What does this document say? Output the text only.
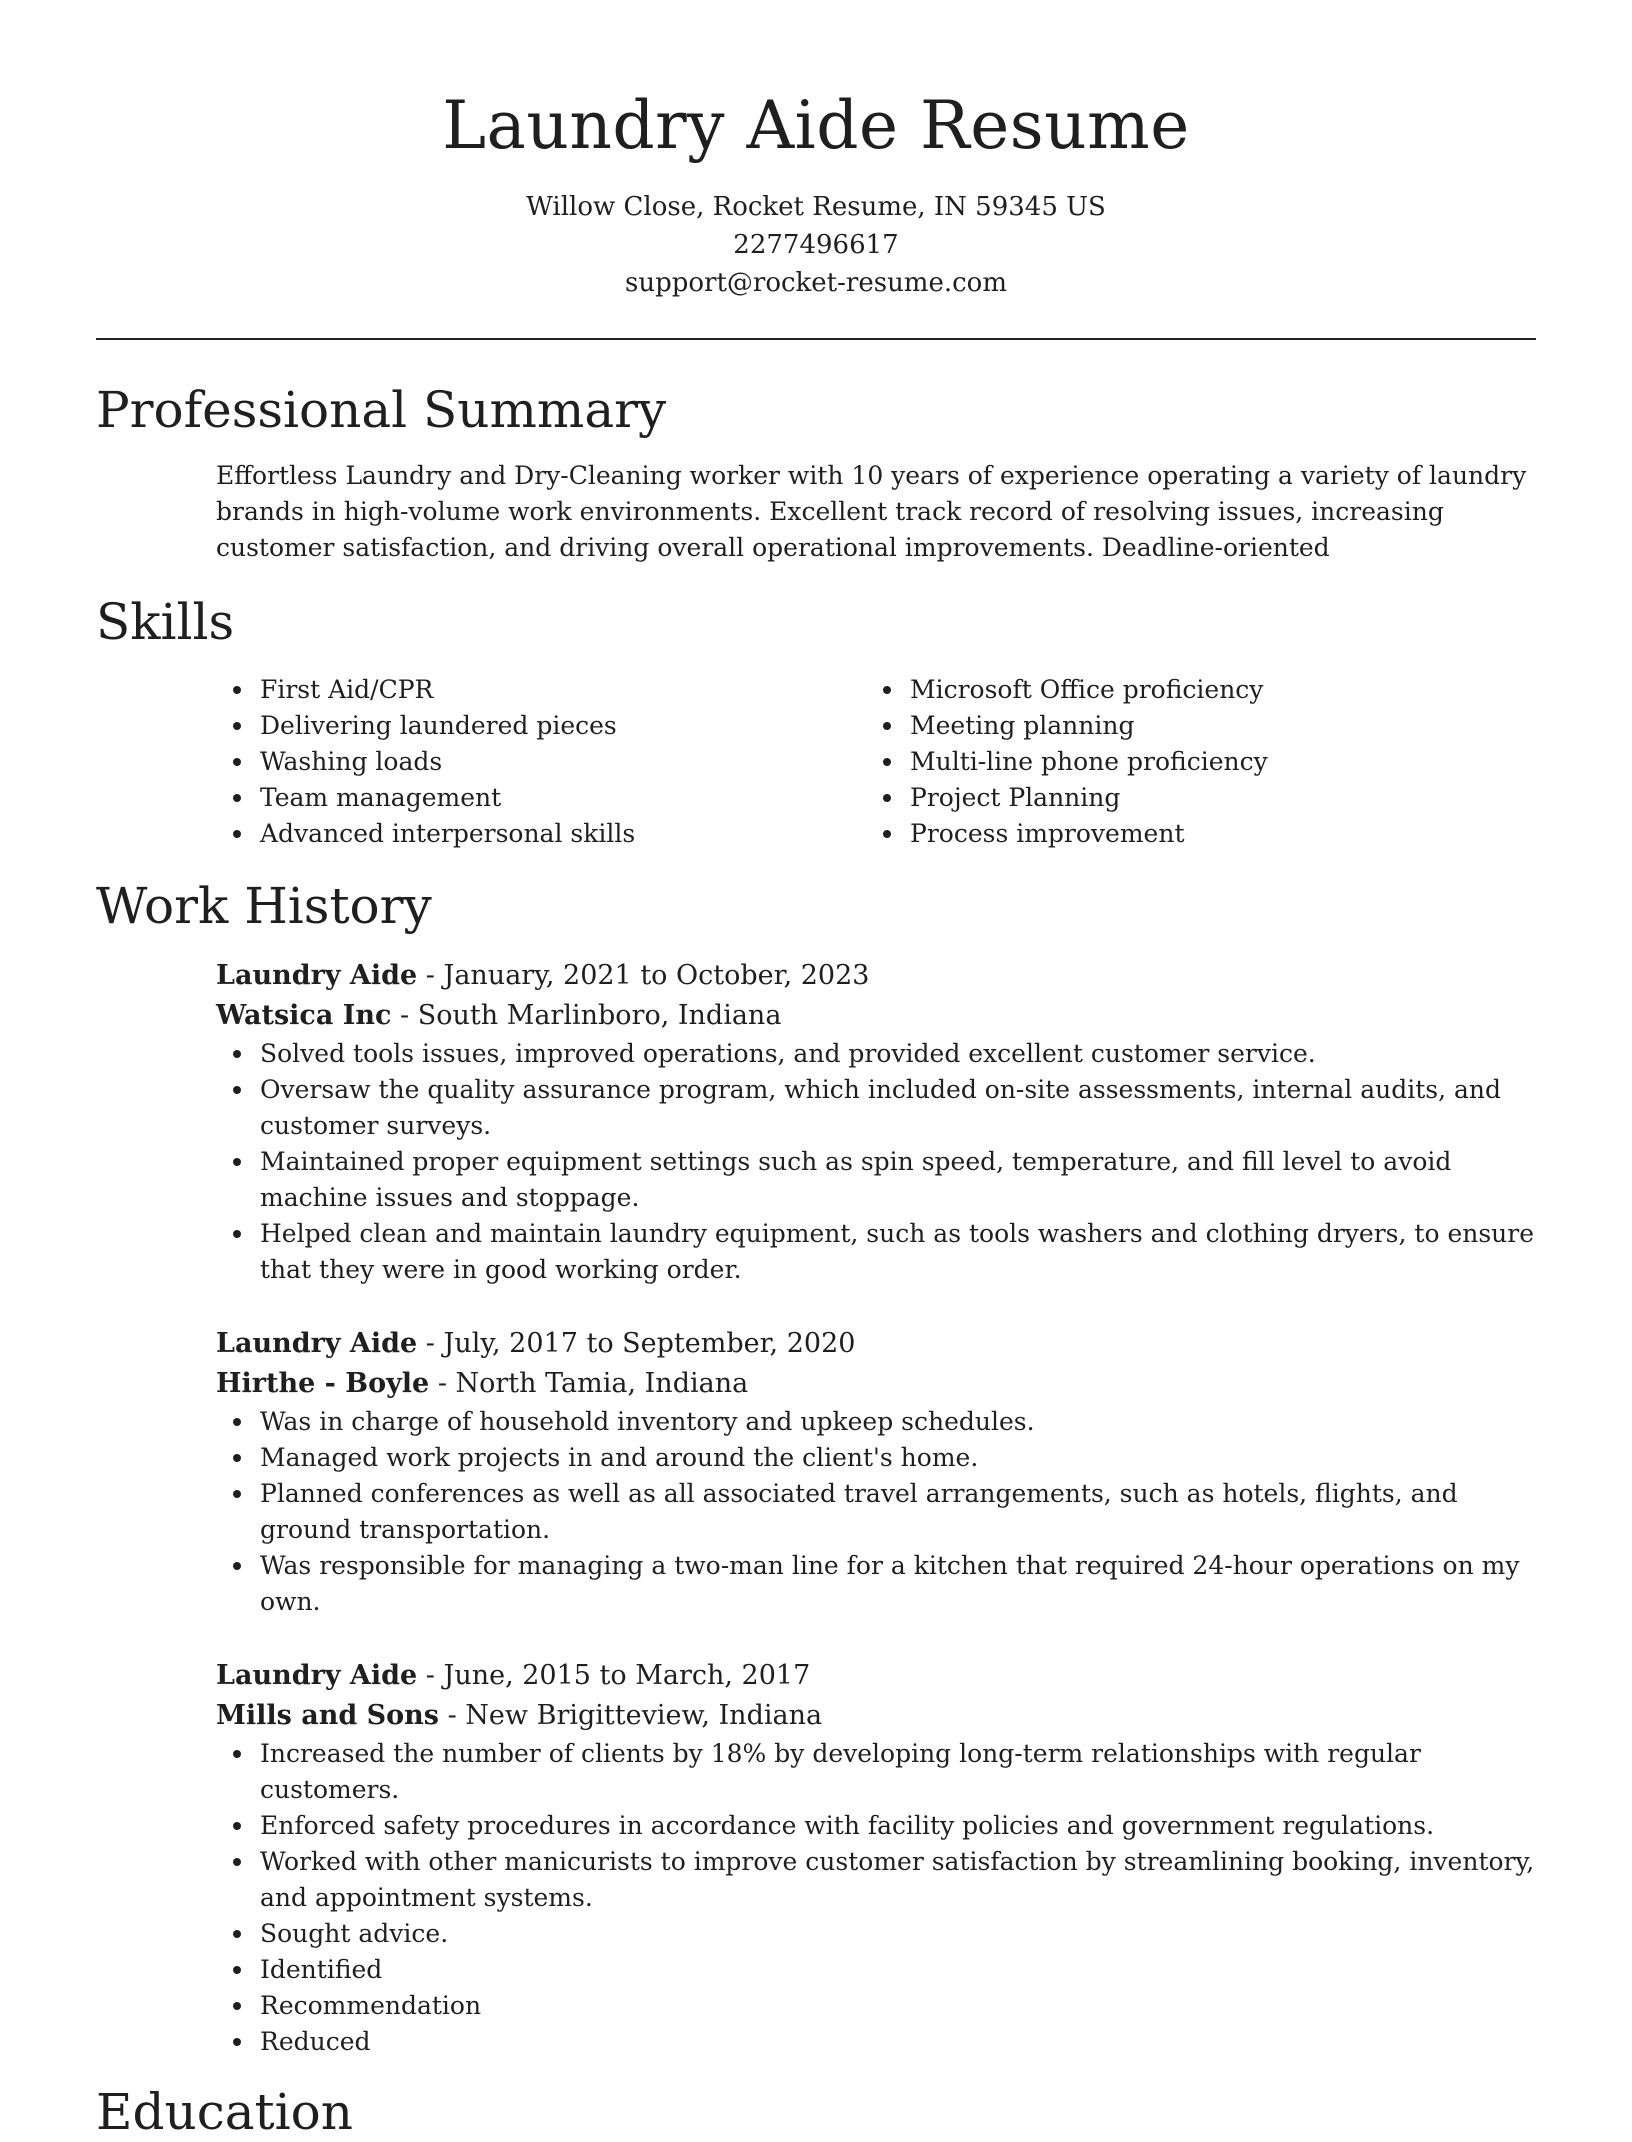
Laundry Aide Resume
Willow Close, Rocket Resume, IN 59345 US
2277496617
support@rocket-resume.com
Professional Summary

Effortless Laundry and Dry-Cleaning worker with 10 years of experience operating a variety of laundry brands in high-volume work environments. Excellent track record of resolving issues, increasing customer satisfaction, and driving overall operational improvements. Deadline-oriented

Skills
First Aid/CPR
Delivering laundered pieces
Washing loads
Team management
Advanced interpersonal skills
Microsoft Office proficiency
Meeting planning
Multi-line phone proficiency
Project Planning
Process improvement
Work History
Laundry Aide - January, 2021 to October, 2023
Watsica Inc - South Marlinboro, Indiana
Solved tools issues, improved operations, and provided excellent customer service.
Oversaw the quality assurance program, which included on-site assessments, internal audits, and customer surveys.
Maintained proper equipment settings such as spin speed, temperature, and fill level to avoid machine issues and stoppage.
Helped clean and maintain laundry equipment, such as tools washers and clothing dryers, to ensure that they were in good working order.
Laundry Aide - July, 2017 to September, 2020
Hirthe - Boyle - North Tamia, Indiana
Was in charge of household inventory and upkeep schedules.
Managed work projects in and around the client's home.
Planned conferences as well as all associated travel arrangements, such as hotels, flights, and ground transportation.
Was responsible for managing a two-man line for a kitchen that required 24-hour operations on my own.
Laundry Aide - June, 2015 to March, 2017
Mills and Sons - New Brigitteview, Indiana
Increased the number of clients by 18% by developing long-term relationships with regular customers.
Enforced safety procedures in accordance with facility policies and government regulations.
Worked with other manicurists to improve customer satisfaction by streamlining booking, inventory, and appointment systems.
Sought advice.
Identified
Recommendation
Reduced
Education
